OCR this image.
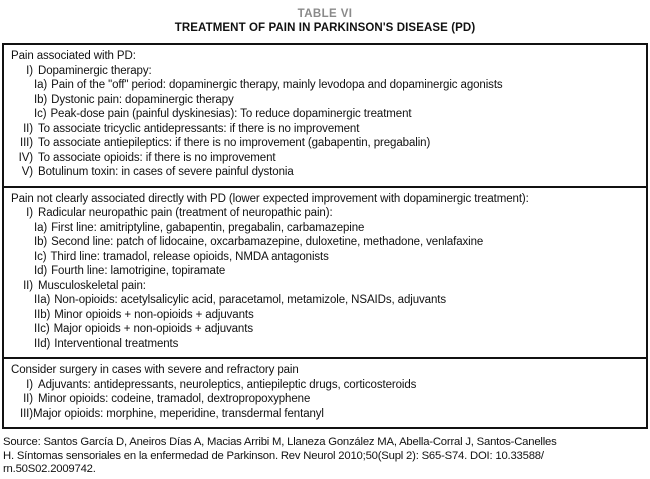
TABLE VI
TREATMENT OF PAIN IN PARKINSON'S DISEASE (PD)
Pain associated with PD:
I) Dopaminergic therapy:
Ia) Pain of the "off" period: dopaminergic therapy, mainly levodopa and dopaminergic agonists
Ib) Dystonic pain: dopaminergic therapy
Ic) Peak-dose pain (painful dyskinesias): To reduce dopaminergic treatment
II) To associate tricyclic antidepressants: if there is no improvement
III) To associate antiepileptics: if there is no improvement (gabapentin, pregabalin)
IV) To associate opioids: if there is no improvement
V) Botulinum toxin: in cases of severe painful dystonia
Pain not clearly associated directly with PD (lower expected improvement with dopaminergic treatment):
I) Radicular neuropathic pain (treatment of neuropathic pain):
Ia) First line: amitriptyline, gabapentin, pregabalin, carbamazepine
Ib) Second line: patch of lidocaine, oxcarbamazepine, duloxetine, methadone, venlafaxine
Ic) Third line: tramadol, release opioids, NMDA antagonists
Id) Fourth line: lamotrigine, topiramate
II) Musculoskeletal pain:
IIa) Non-opioids: acetylsalicylic acid, paracetamol, metamizole, NSAIDs, adjuvants
IIb) Minor opioids + non-opioids + adjuvants
IIc) Major opioids + non-opioids + adjuvants
IId) Interventional treatments
Consider surgery in cases with severe and refractory pain
I) Adjuvants: antidepressants, neuroleptics, antiepileptic drugs, corticosteroids
II) Minor opioids: codeine, tramadol, dextropropoxyphene
III) Major opioids: morphine, meperidine, transdermal fentanyl
Source: Santos García D, Aneiros Días A, Macias Arribi M, Llaneza González MA, Abella-Corral J, Santos-Canelles
H. Síntomas sensoriales en la enfermedad de Parkinson. Rev Neurol 2010;50(Supl 2): S65-S74. DOI: 10.33588/
rn.50S02.2009742.
